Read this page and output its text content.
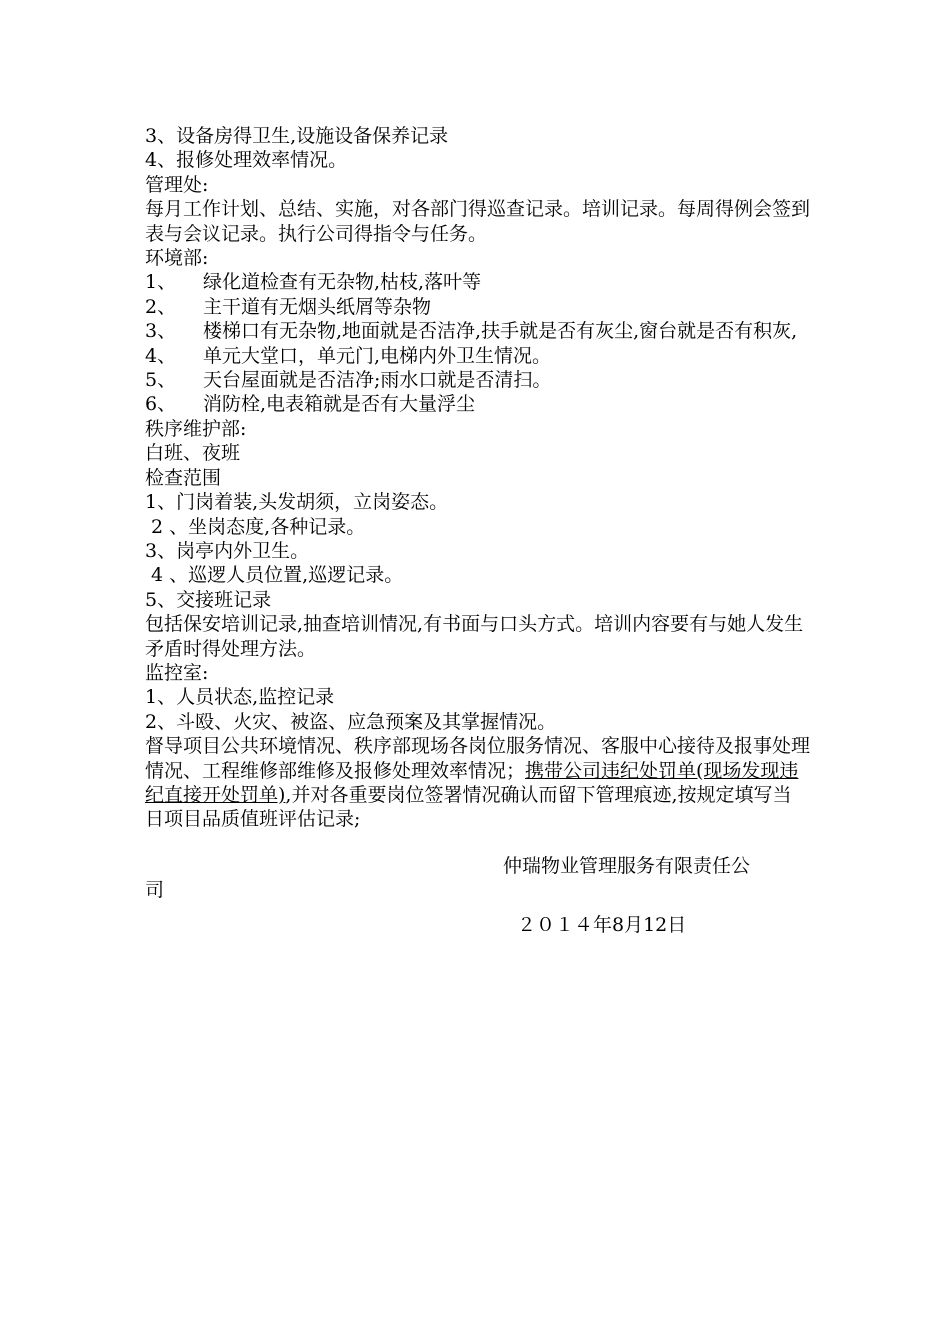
3、设备房得卫生,设施设备保养记录
4、报修处理效率情况。
管理处:
每月工作计划、总结、实施，对各部门得巡查记录。培训记录。每周得例会签到表与会议记录。执行公司得指令与任务。
环境部:
1、	绿化道检查有无杂物,枯枝,落叶等
2、	主干道有无烟头纸屑等杂物
3、	楼梯口有无杂物,地面就是否洁净,扶手就是否有灰尘,窗台就是否有积灰,
4、	单元大堂口，单元门,电梯内外卫生情况。
5、	天台屋面就是否洁净;雨水口就是否清扫。
6、	消防栓,电表箱就是否有大量浮尘
秩序维护部:
白班、夜班
检查范围
1、门岗着装,头发胡须，立岗姿态。
2 、坐岗态度,各种记录。
3、岗亭内外卫生。
4 、巡逻人员位置,巡逻记录。
5、交接班记录
包括保安培训记录,抽查培训情况,有书面与口头方式。培训内容要有与她人发生矛盾时得处理方法。
监控室:
1、人员状态,监控记录
2、斗殴、火灾、被盗、应急预案及其掌握情况。
督导项目公共环境情况、秩序部现场各岗位服务情况、客服中心接待及报事处理情况、工程维修部维修及报修处理效率情况；携带公司违纪处罚单(现场发现违纪直接开处罚单),并对各重要岗位签署情况确认而留下管理痕迹,按规定填写当日项目品质值班评估记录;
仲瑞物业管理服务有限责任公
司
２０１４年8月12日
